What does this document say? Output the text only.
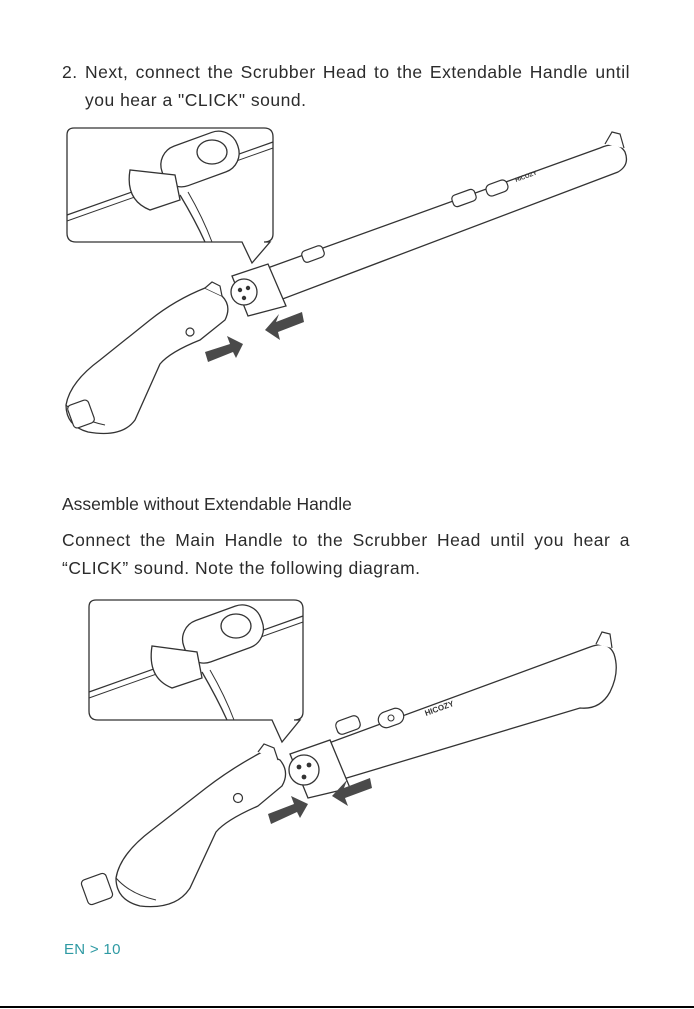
2. Next, connect the Scrubber Head to the Extendable Handle until you hear a "CLICK" sound.
HICOZY
Assemble without Extendable Handle
Connect the Main Handle to the Scrubber Head until you hear a “CLICK” sound. Note the following diagram.
HICOZY
EN > 10
